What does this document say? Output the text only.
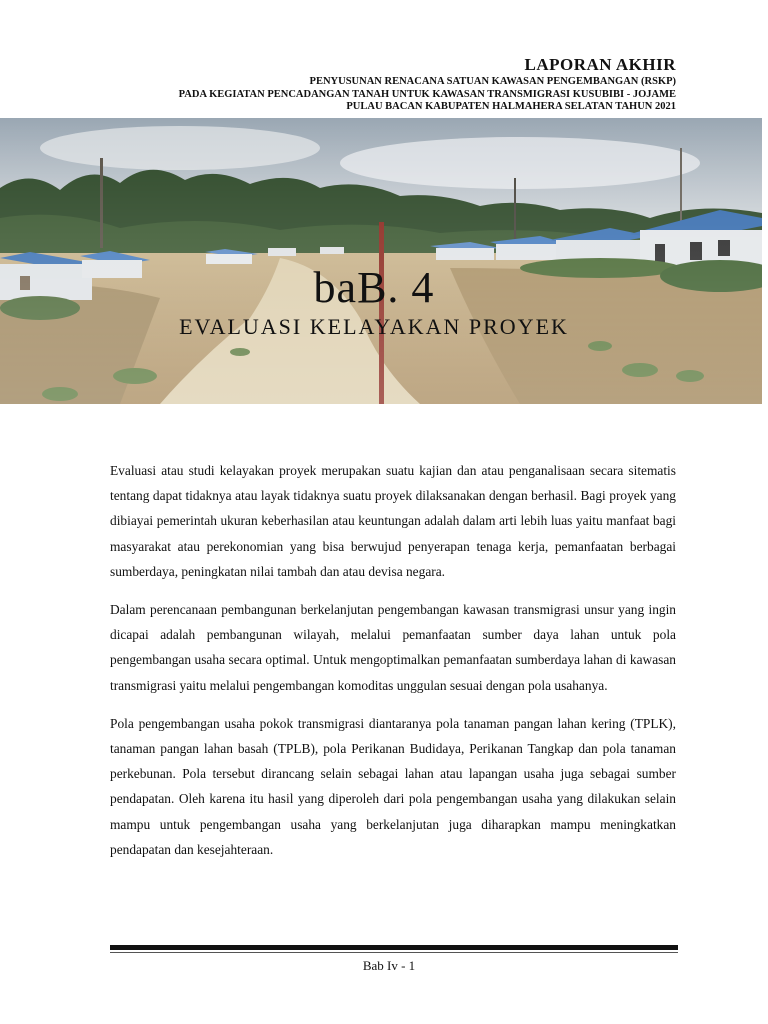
LAPORAN AKHIR
PENYUSUNAN RENACANA SATUAN KAWASAN PENGEMBANGAN (RSKP)
PADA KEGIATAN PENCADANGAN TANAH UNTUK KAWASAN TRANSMIGRASI KUSUBIBI - JOJAME
PULAU BACAN KABUPATEN HALMAHERA SELATAN TAHUN 2021
baB. 4
EVALUASI KELAYAKAN PROYEK

Evaluasi atau studi kelayakan proyek merupakan suatu kajian dan atau penganalisaan secara sitematis tentang dapat tidaknya atau layak tidaknya suatu proyek dilaksanakan dengan berhasil. Bagi proyek yang dibiayai pemerintah ukuran keberhasilan atau keuntungan adalah dalam arti lebih luas yaitu manfaat bagi masyarakat atau perekonomian yang bisa berwujud penyerapan tenaga kerja, pemanfaatan berbagai sumberdaya, peningkatan nilai tambah dan atau devisa negara.

Dalam perencanaan pembangunan berkelanjutan pengembangan kawasan transmigrasi unsur yang ingin dicapai adalah pembangunan wilayah, melalui pemanfaatan sumber daya lahan untuk pola pengembangan usaha secara optimal. Untuk mengoptimalkan pemanfaatan sumberdaya lahan di kawasan transmigrasi yaitu melalui pengembangan komoditas unggulan sesuai dengan pola usahanya.

Pola pengembangan usaha pokok transmigrasi diantaranya pola tanaman pangan lahan kering (TPLK), tanaman pangan lahan basah (TPLB), pola Perikanan Budidaya, Perikanan Tangkap dan pola tanaman perkebunan. Pola tersebut dirancang selain sebagai lahan atau lapangan usaha juga sebagai sumber pendapatan. Oleh karena itu hasil yang diperoleh dari pola pengembangan usaha yang dilakukan selain mampu untuk pengembangan usaha yang berkelanjutan juga diharapkan mampu meningkatkan pendapatan dan kesejahteraan.

Bab Iv - 1
